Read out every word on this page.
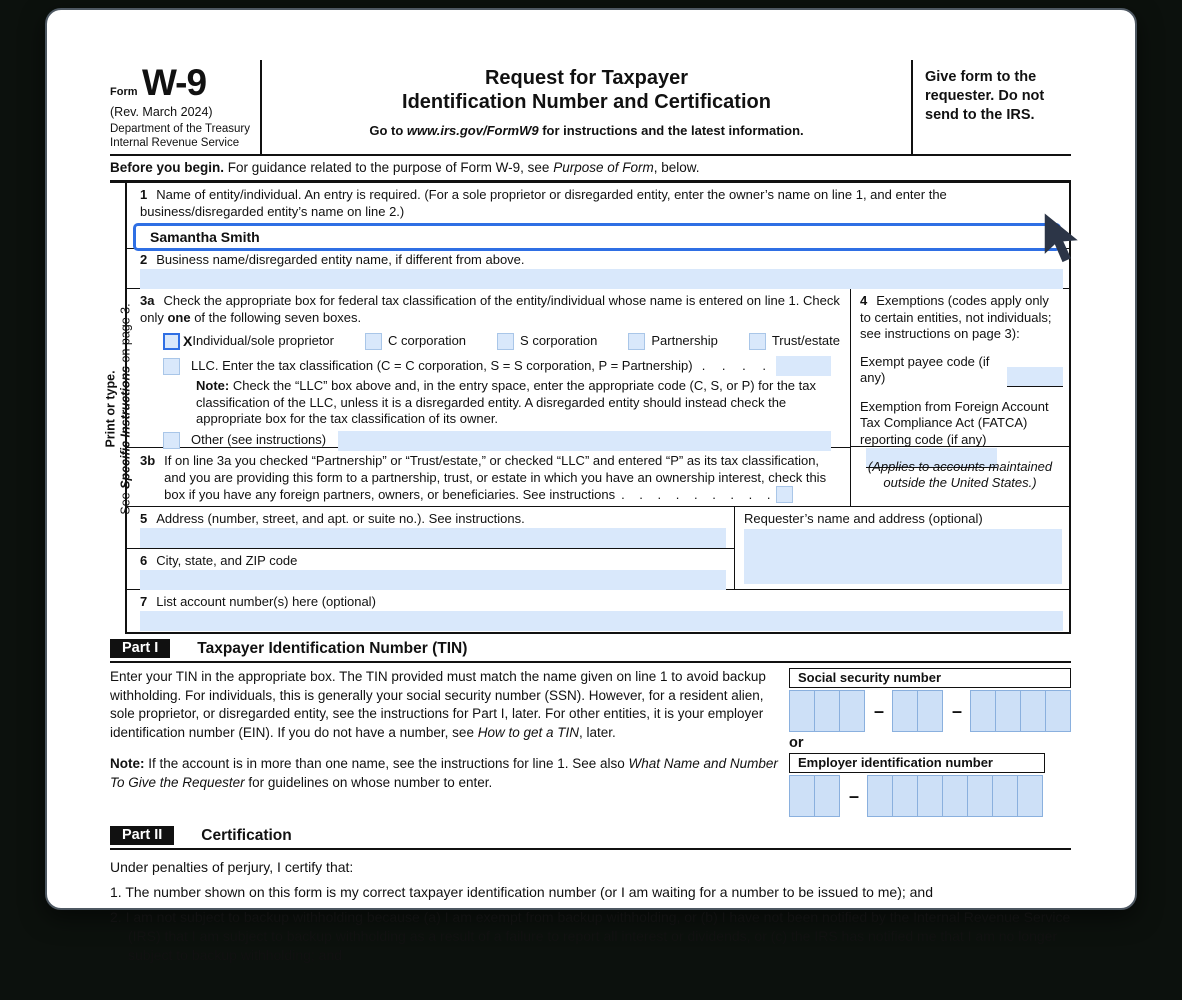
Form W-9
(Rev. March 2024)
Department of the Treasury
Internal Revenue Service
Request for Taxpayer
Identification Number and Certification
Go to www.irs.gov/FormW9 for instructions and the latest information.
Give form to the requester. Do not send to the IRS.
Before you begin. For guidance related to the purpose of Form W-9, see Purpose of Form, below.
Print or type.
See Specific Instructions on page 3.
1 Name of entity/individual. An entry is required. (For a sole proprietor or disregarded entity, enter the owner’s name on line 1, and enter the business/disregarded entity’s name on line 2.)
Samantha Smith
2 Business name/disregarded entity name, if different from above.
3a Check the appropriate box for federal tax classification of the entity/individual whose name is entered on line 1. Check only one of the following seven boxes.
X Individual/sole proprietor	C corporation	S corporation	Partnership	Trust/estate
LLC. Enter the tax classification (C = C corporation, S = S corporation, P = Partnership) . . . .
Note: Check the “LLC” box above and, in the entry space, enter the appropriate code (C, S, or P) for the tax classification of the LLC, unless it is a disregarded entity. A disregarded entity should instead check the appropriate box for the tax classification of its owner.
Other (see instructions)
3b If on line 3a you checked “Partnership” or “Trust/estate,” or checked “LLC” and entered “P” as its tax classification, and you are providing this form to a partnership, trust, or estate in which you have an ownership interest, check this box if you have any foreign partners, owners, or beneficiaries. See instructions . . . . . . . . .
4 Exemptions (codes apply only to certain entities, not individuals; see instructions on page 3):
Exempt payee code (if any)
Exemption from Foreign Account Tax Compliance Act (FATCA) reporting code (if any)
(Applies to accounts maintained outside the United States.)
5 Address (number, street, and apt. or suite no.). See instructions.
6 City, state, and ZIP code
Requester’s name and address (optional)
7 List account number(s) here (optional)
Part I	Taxpayer Identification Number (TIN)
Enter your TIN in the appropriate box. The TIN provided must match the name given on line 1 to avoid backup withholding. For individuals, this is generally your social security number (SSN). However, for a resident alien, sole proprietor, or disregarded entity, see the instructions for Part I, later. For other entities, it is your employer identification number (EIN). If you do not have a number, see How to get a TIN, later.
Note: If the account is in more than one name, see the instructions for line 1. See also What Name and Number To Give the Requester for guidelines on whose number to enter.
Social security number
–	–
or
Employer identification number
–
Part II	Certification
Under penalties of perjury, I certify that:
1. The number shown on this form is my correct taxpayer identification number (or I am waiting for a number to be issued to me); and
2. I am not subject to backup withholding because (a) I am exempt from backup withholding, or (b) I have not been notified by the Internal Revenue Service (IRS) that I am subject to backup withholding as a result of a failure to report all interest or dividends, or (c) the IRS has notified me that I am no longer subject to backup withholding; and
